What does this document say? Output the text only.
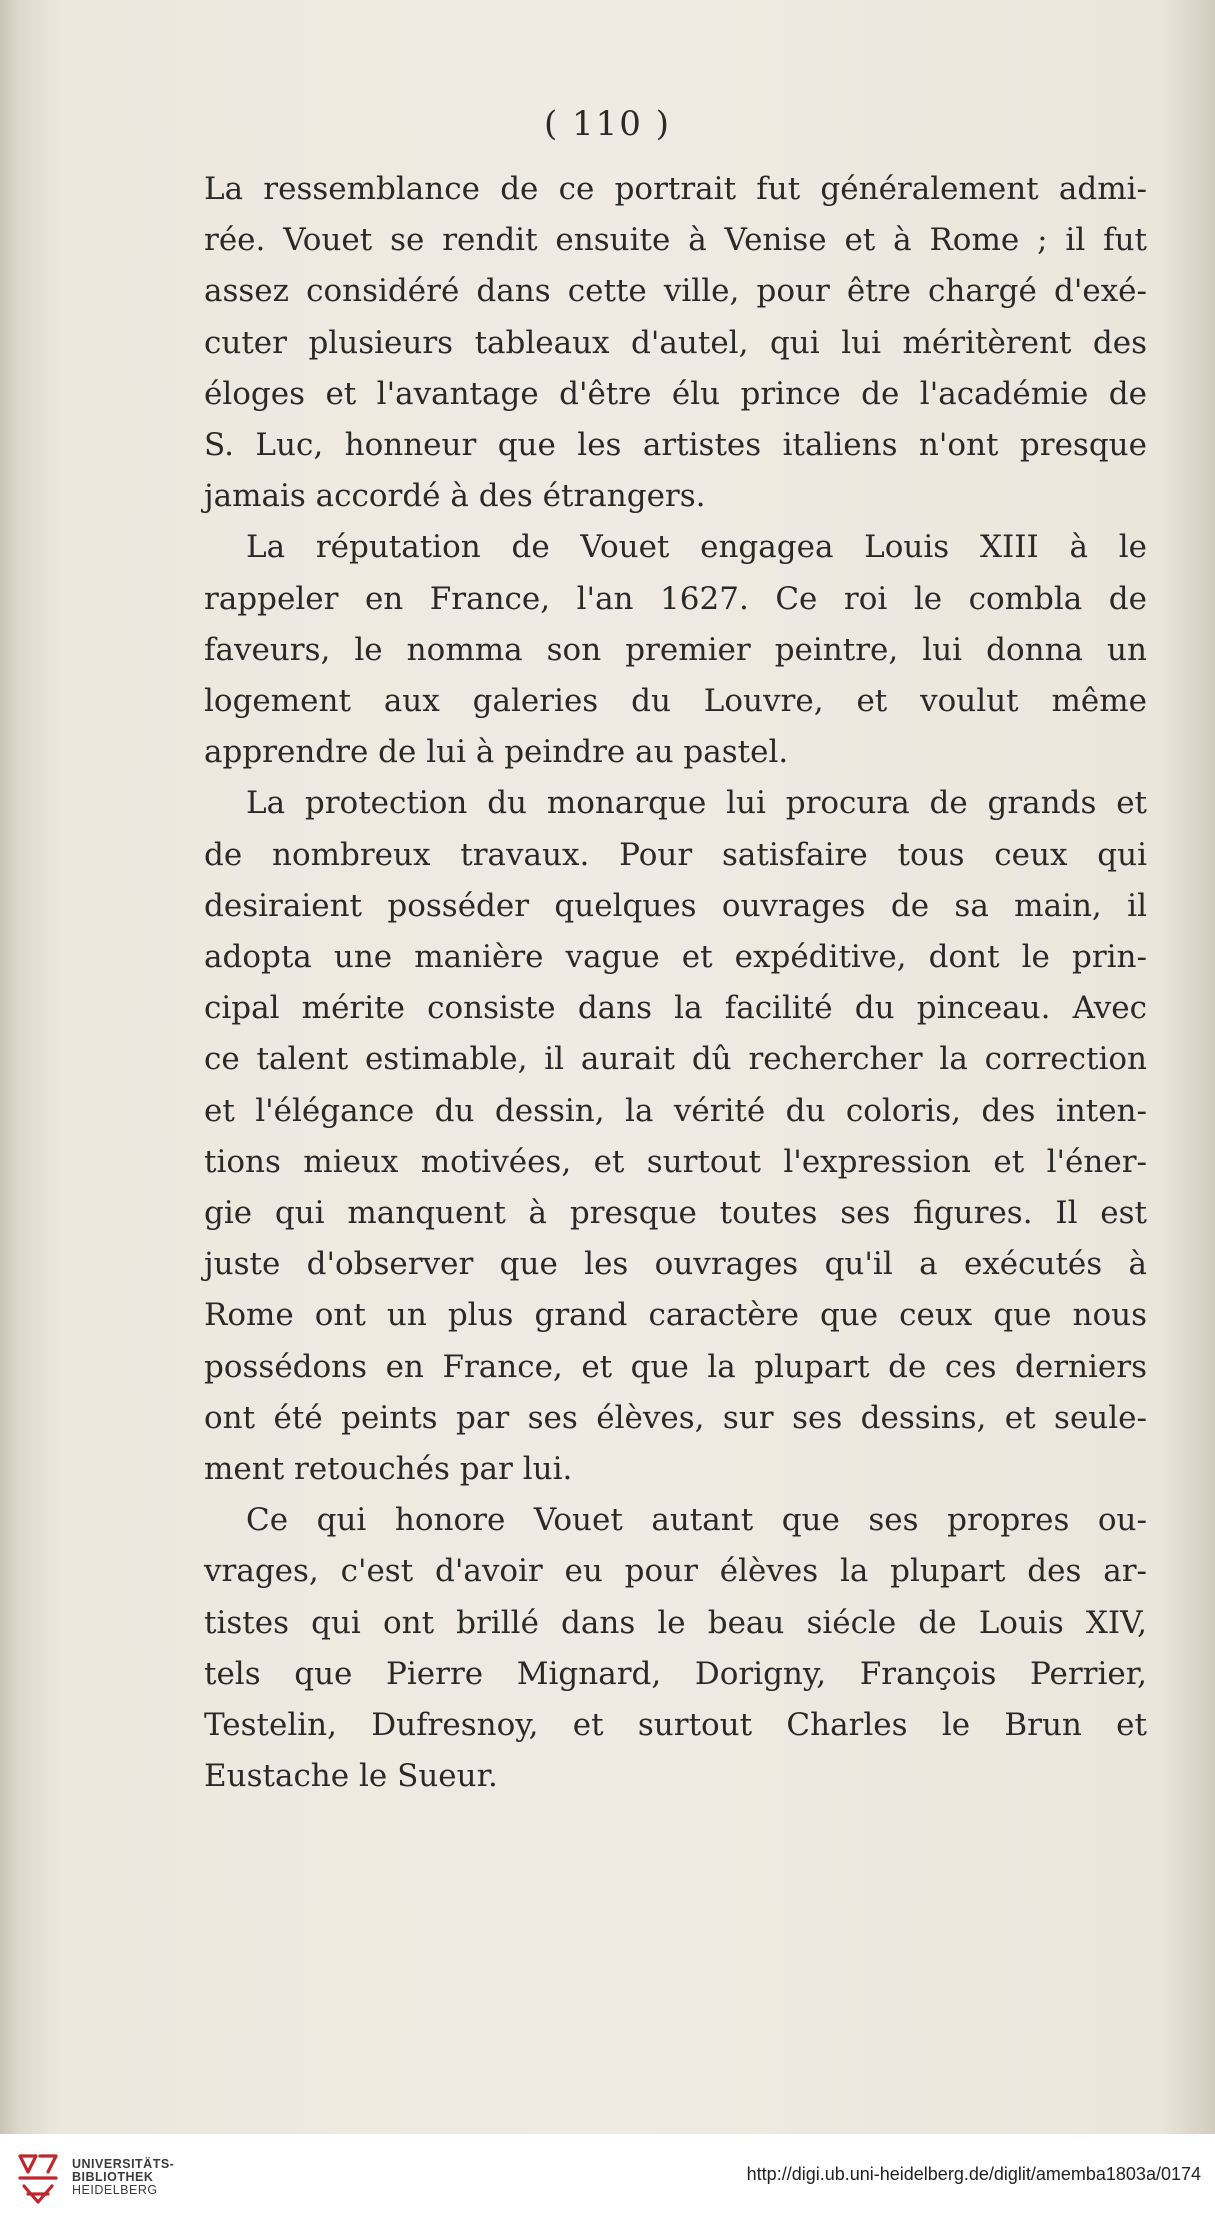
( 110 )

La ressemblance de ce portrait fut généralement admi-
rée. Vouet se rendit ensuite à Venise et à Rome ; il fut
assez considéré dans cette ville, pour être chargé d'exé-
cuter plusieurs tableaux d'autel, qui lui méritèrent des
éloges et l'avantage d'être élu prince de l'académie de
S. Luc, honneur que les artistes italiens n'ont presque
jamais accordé à des étrangers.

La réputation de Vouet engagea Louis XIII à le
rappeler en France, l'an 1627. Ce roi le combla de
faveurs, le nomma son premier peintre, lui donna un
logement aux galeries du Louvre, et voulut même
apprendre de lui à peindre au pastel.

La protection du monarque lui procura de grands et
de nombreux travaux. Pour satisfaire tous ceux qui
desiraient posséder quelques ouvrages de sa main, il
adopta une manière vague et expéditive, dont le prin-
cipal mérite consiste dans la facilité du pinceau. Avec
ce talent estimable, il aurait dû rechercher la correction
et l'élégance du dessin, la vérité du coloris, des inten-
tions mieux motivées, et surtout l'expression et l'éner-
gie qui manquent à presque toutes ses figures. Il est
juste d'observer que les ouvrages qu'il a exécutés à
Rome ont un plus grand caractère que ceux que nous
possédons en France, et que la plupart de ces derniers
ont été peints par ses élèves, sur ses dessins, et seule-
ment retouchés par lui.

Ce qui honore Vouet autant que ses propres ou-
vrages, c'est d'avoir eu pour élèves la plupart des ar-
tistes qui ont brillé dans le beau siécle de Louis XIV,
tels que Pierre Mignard, Dorigny, François Perrier,
Testelin, Dufresnoy, et surtout Charles le Brun et
Eustache le Sueur.

UNIVERSITÄTS-
BIBLIOTHEK
HEIDELBERG
http://digi.ub.uni-heidelberg.de/diglit/amemba1803a/0174
